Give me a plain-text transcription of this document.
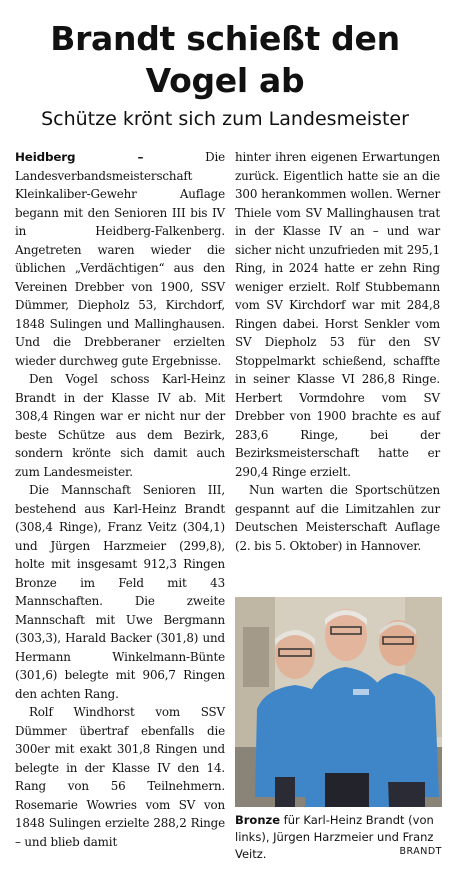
Brandt schießt den Vogel ab
Schütze krönt sich zum Landesmeister

Heidberg –	Die Landesverbandsmeisterschaft Kleinkaliber-Gewehr Auflage begann mit den Senioren III bis IV in Heidberg-Falkenberg. Angetreten waren wieder die üblichen „Verdächtigen“ aus den Vereinen Drebber von 1900, SSV Dümmer, Diepholz 53, Kirchdorf, 1848 Sulingen und Mallinghausen. Und die Drebberaner erzielten wieder durchweg gute Ergebnisse.

Den Vogel schoss Karl-Heinz Brandt in der Klasse IV ab. Mit 308,4 Ringen war er nicht nur der beste Schütze aus dem Bezirk, sondern krönte sich damit auch zum Landesmeister.

Die Mannschaft Senioren III, bestehend aus Karl-Heinz Brandt (308,4 Ringe), Franz Veitz (304,1) und Jürgen Harzmeier (299,8), holte mit insgesamt 912,3 Ringen Bronze im Feld mit 43 Mannschaften. Die zweite Mannschaft mit Uwe Bergmann (303,3), Harald Backer (301,8) und Hermann Winkelmann-Bünte (301,6) belegte mit 906,7 Ringen den achten Rang.

Rolf Windhorst vom SSV Dümmer übertraf ebenfalls die 300er mit exakt 301,8 Ringen und belegte in der Klasse IV den 14. Rang von 56 Teilnehmern. Rosemarie Wowries vom SV von 1848 Sulingen erzielte 288,2 Ringe – und blieb damit

hinter ihren eigenen Erwartungen zurück. Eigentlich hatte sie an die 300 herankommen wollen. Werner Thiele vom SV Mallinghausen trat in der Klasse IV an – und war sicher nicht unzufrieden mit 295,1 Ring, in 2024 hatte er zehn Ring weniger erzielt. Rolf Stubbemann vom SV Kirchdorf war mit 284,8 Ringen dabei. Horst Senkler vom SV Diepholz 53 für den SV Stoppelmarkt schießend, schaffte in seiner Klasse VI 286,8 Ringe. Herbert Vormdohre vom SV Drebber von 1900 brachte es auf 283,6 Ringe, bei der Bezirksmeisterschaft hatte er 290,4 Ringe erzielt.

Nun warten die Sportschützen gespannt auf die Limitzahlen zur Deutschen Meisterschaft Auflage (2. bis 5. Oktober) in Hannover.

Bronze für Karl-Heinz Brandt (von links), Jürgen Harzmeier und Franz Veitz.	BRANDT
